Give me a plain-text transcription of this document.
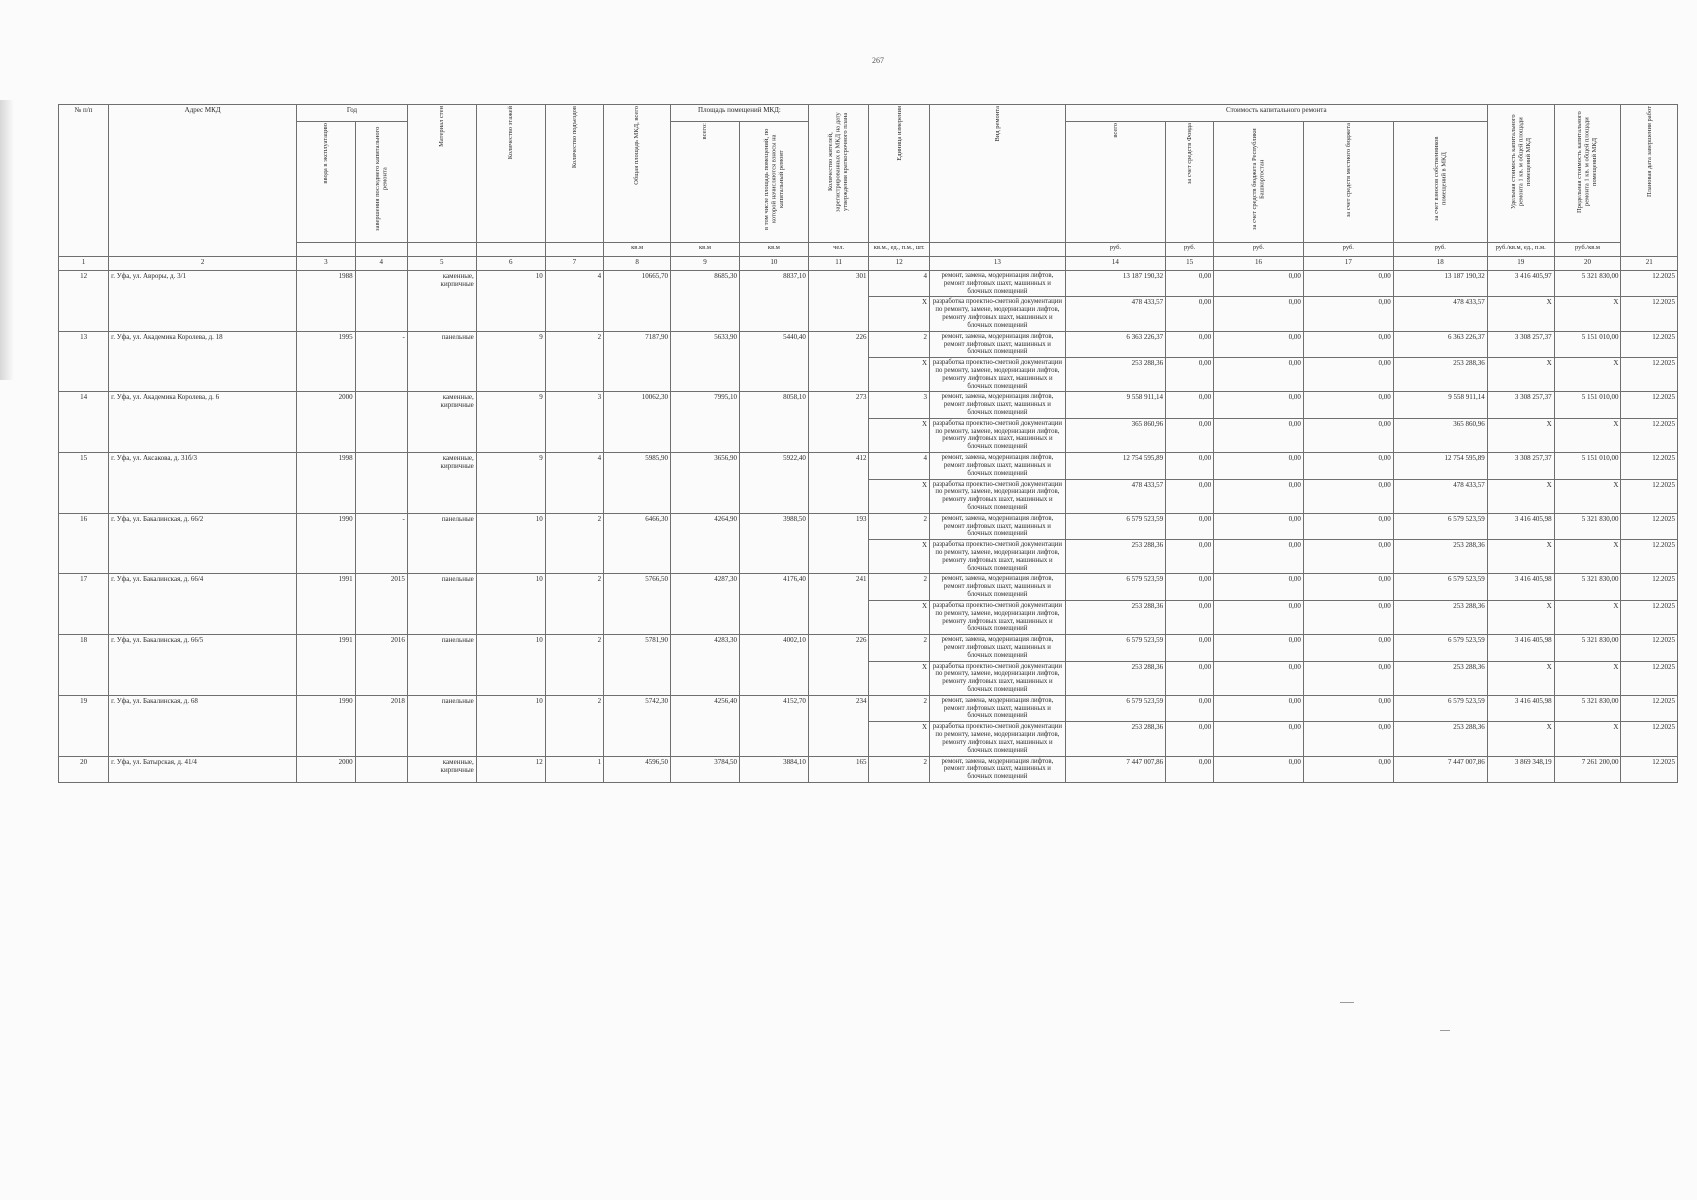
267
№ п/п	Адрес МКД	Год		Материал стен	Количество этажей	Количество подъездов	Общая площадь МКД, всего	Площадь помещений МКД:		Количество жителей, зарегистрированных в МКД на дату утверждения краткосрочного плана	Единица измерения	Вид ремонта	Стоимость капитального ремонта					Удельная стоимость капитального ремонта 1 кв. м общей площади помещений МКД	Предельная стоимость капитального ремонта 1 кв. м общей площади помещений МКД	Плановая дата завершения работ
		ввода в эксплуатацию	завершения последнего капитального ремонта					всего:	в том числе площадь помещений, по которой начисляются взносы на капитальный ремонт				всего	за счет средств Фонда	за счет средств бюджета Республики Башкортостан	за счет средств местного бюджета	за счет взносов собственников помещений в МКД			
							кв.м	кв.м	кв.м	чел.	кв.м., ед., п.м., шт.		руб.	руб.	руб.	руб.	руб.	руб./кв.м, ед., п.м.	руб./кв.м	
1	2	3	4	5	6	7	8	9	10	11	12	13	14	15	16	17	18	19	20	21
12	г. Уфа, ул. Авроры, д. 3/1	1988		каменные, кирпичные	10	4	10665,70	8685,30	8837,10	301	4	ремонт, замена, модернизация лифтов, ремонт лифтовых шахт, машинных и блочных помещений	13 187 190,32	0,00	0,00	0,00	13 187 190,32	3 416 405,97	5 321 830,00	12.2025
											X	разработка проектно-сметной документации по ремонту, замене, модернизации лифтов, ремонту лифтовых шахт, машинных и блочных помещений	478 433,57	0,00	0,00	0,00	478 433,57	X	X	12.2025
13	г. Уфа, ул. Академика Королева, д. 18	1995	-	панельные	9	2	7187,90	5633,90	5440,40	226	2	ремонт, замена, модернизация лифтов, ремонт лифтовых шахт, машинных и блочных помещений	6 363 226,37	0,00	0,00	0,00	6 363 226,37	3 308 257,37	5 151 010,00	12.2025
											X	разработка проектно-сметной документации по ремонту, замене, модернизации лифтов, ремонту лифтовых шахт, машинных и блочных помещений	253 288,36	0,00	0,00	0,00	253 288,36	X	X	12.2025
14	г. Уфа, ул. Академика Королева, д. 6	2000		каменные, кирпичные	9	3	10062,30	7995,10	8058,10	273	3	ремонт, замена, модернизация лифтов, ремонт лифтовых шахт, машинных и блочных помещений	9 558 911,14	0,00	0,00	0,00	9 558 911,14	3 308 257,37	5 151 010,00	12.2025
											X	разработка проектно-сметной документации по ремонту, замене, модернизации лифтов, ремонту лифтовых шахт, машинных и блочных помещений	365 860,96	0,00	0,00	0,00	365 860,96	X	X	12.2025
15	г. Уфа, ул. Аксакова, д. 31б/3	1998		каменные, кирпичные	9	4	5985,90	3656,90	5922,40	412	4	ремонт, замена, модернизация лифтов, ремонт лифтовых шахт, машинных и блочных помещений	12 754 595,89	0,00	0,00	0,00	12 754 595,89	3 308 257,37	5 151 010,00	12.2025
											X	разработка проектно-сметной документации по ремонту, замене, модернизации лифтов, ремонту лифтовых шахт, машинных и блочных помещений	478 433,57	0,00	0,00	0,00	478 433,57	X	X	12.2025
16	г. Уфа, ул. Бакалинская, д. 66/2	1990	-	панельные	10	2	6466,30	4264,90	3988,50	193	2	ремонт, замена, модернизация лифтов, ремонт лифтовых шахт, машинных и блочных помещений	6 579 523,59	0,00	0,00	0,00	6 579 523,59	3 416 405,98	5 321 830,00	12.2025
											X	разработка проектно-сметной документации по ремонту, замене, модернизации лифтов, ремонту лифтовых шахт, машинных и блочных помещений	253 288,36	0,00	0,00	0,00	253 288,36	X	X	12.2025
17	г. Уфа, ул. Бакалинская, д. 66/4	1991	2015	панельные	10	2	5766,50	4287,30	4176,40	241	2	ремонт, замена, модернизация лифтов, ремонт лифтовых шахт, машинных и блочных помещений	6 579 523,59	0,00	0,00	0,00	6 579 523,59	3 416 405,98	5 321 830,00	12.2025
											X	разработка проектно-сметной документации по ремонту, замене, модернизации лифтов, ремонту лифтовых шахт, машинных и блочных помещений	253 288,36	0,00	0,00	0,00	253 288,36	X	X	12.2025
18	г. Уфа, ул. Бакалинская, д. 66/5	1991	2016	панельные	10	2	5781,90	4283,30	4002,10	226	2	ремонт, замена, модернизация лифтов, ремонт лифтовых шахт, машинных и блочных помещений	6 579 523,59	0,00	0,00	0,00	6 579 523,59	3 416 405,98	5 321 830,00	12.2025
											X	разработка проектно-сметной документации по ремонту, замене, модернизации лифтов, ремонту лифтовых шахт, машинных и блочных помещений	253 288,36	0,00	0,00	0,00	253 288,36	X	X	12.2025
19	г. Уфа, ул. Бакалинская, д. 68	1990	2018	панельные	10	2	5742,30	4256,40	4152,70	234	2	ремонт, замена, модернизация лифтов, ремонт лифтовых шахт, машинных и блочных помещений	6 579 523,59	0,00	0,00	0,00	6 579 523,59	3 416 405,98	5 321 830,00	12.2025
											X	разработка проектно-сметной документации по ремонту, замене, модернизации лифтов, ремонту лифтовых шахт, машинных и блочных помещений	253 288,36	0,00	0,00	0,00	253 288,36	X	X	12.2025
20	г. Уфа, ул. Батырская, д. 41/4	2000		каменные, кирпичные	12	1	4596,50	3784,50	3884,10	165	2	ремонт, замена, модернизация лифтов, ремонт лифтовых шахт, машинных и блочных помещений	7 447 007,86	0,00	0,00	0,00	7 447 007,86	3 869 348,19	7 261 200,00	12.2025
